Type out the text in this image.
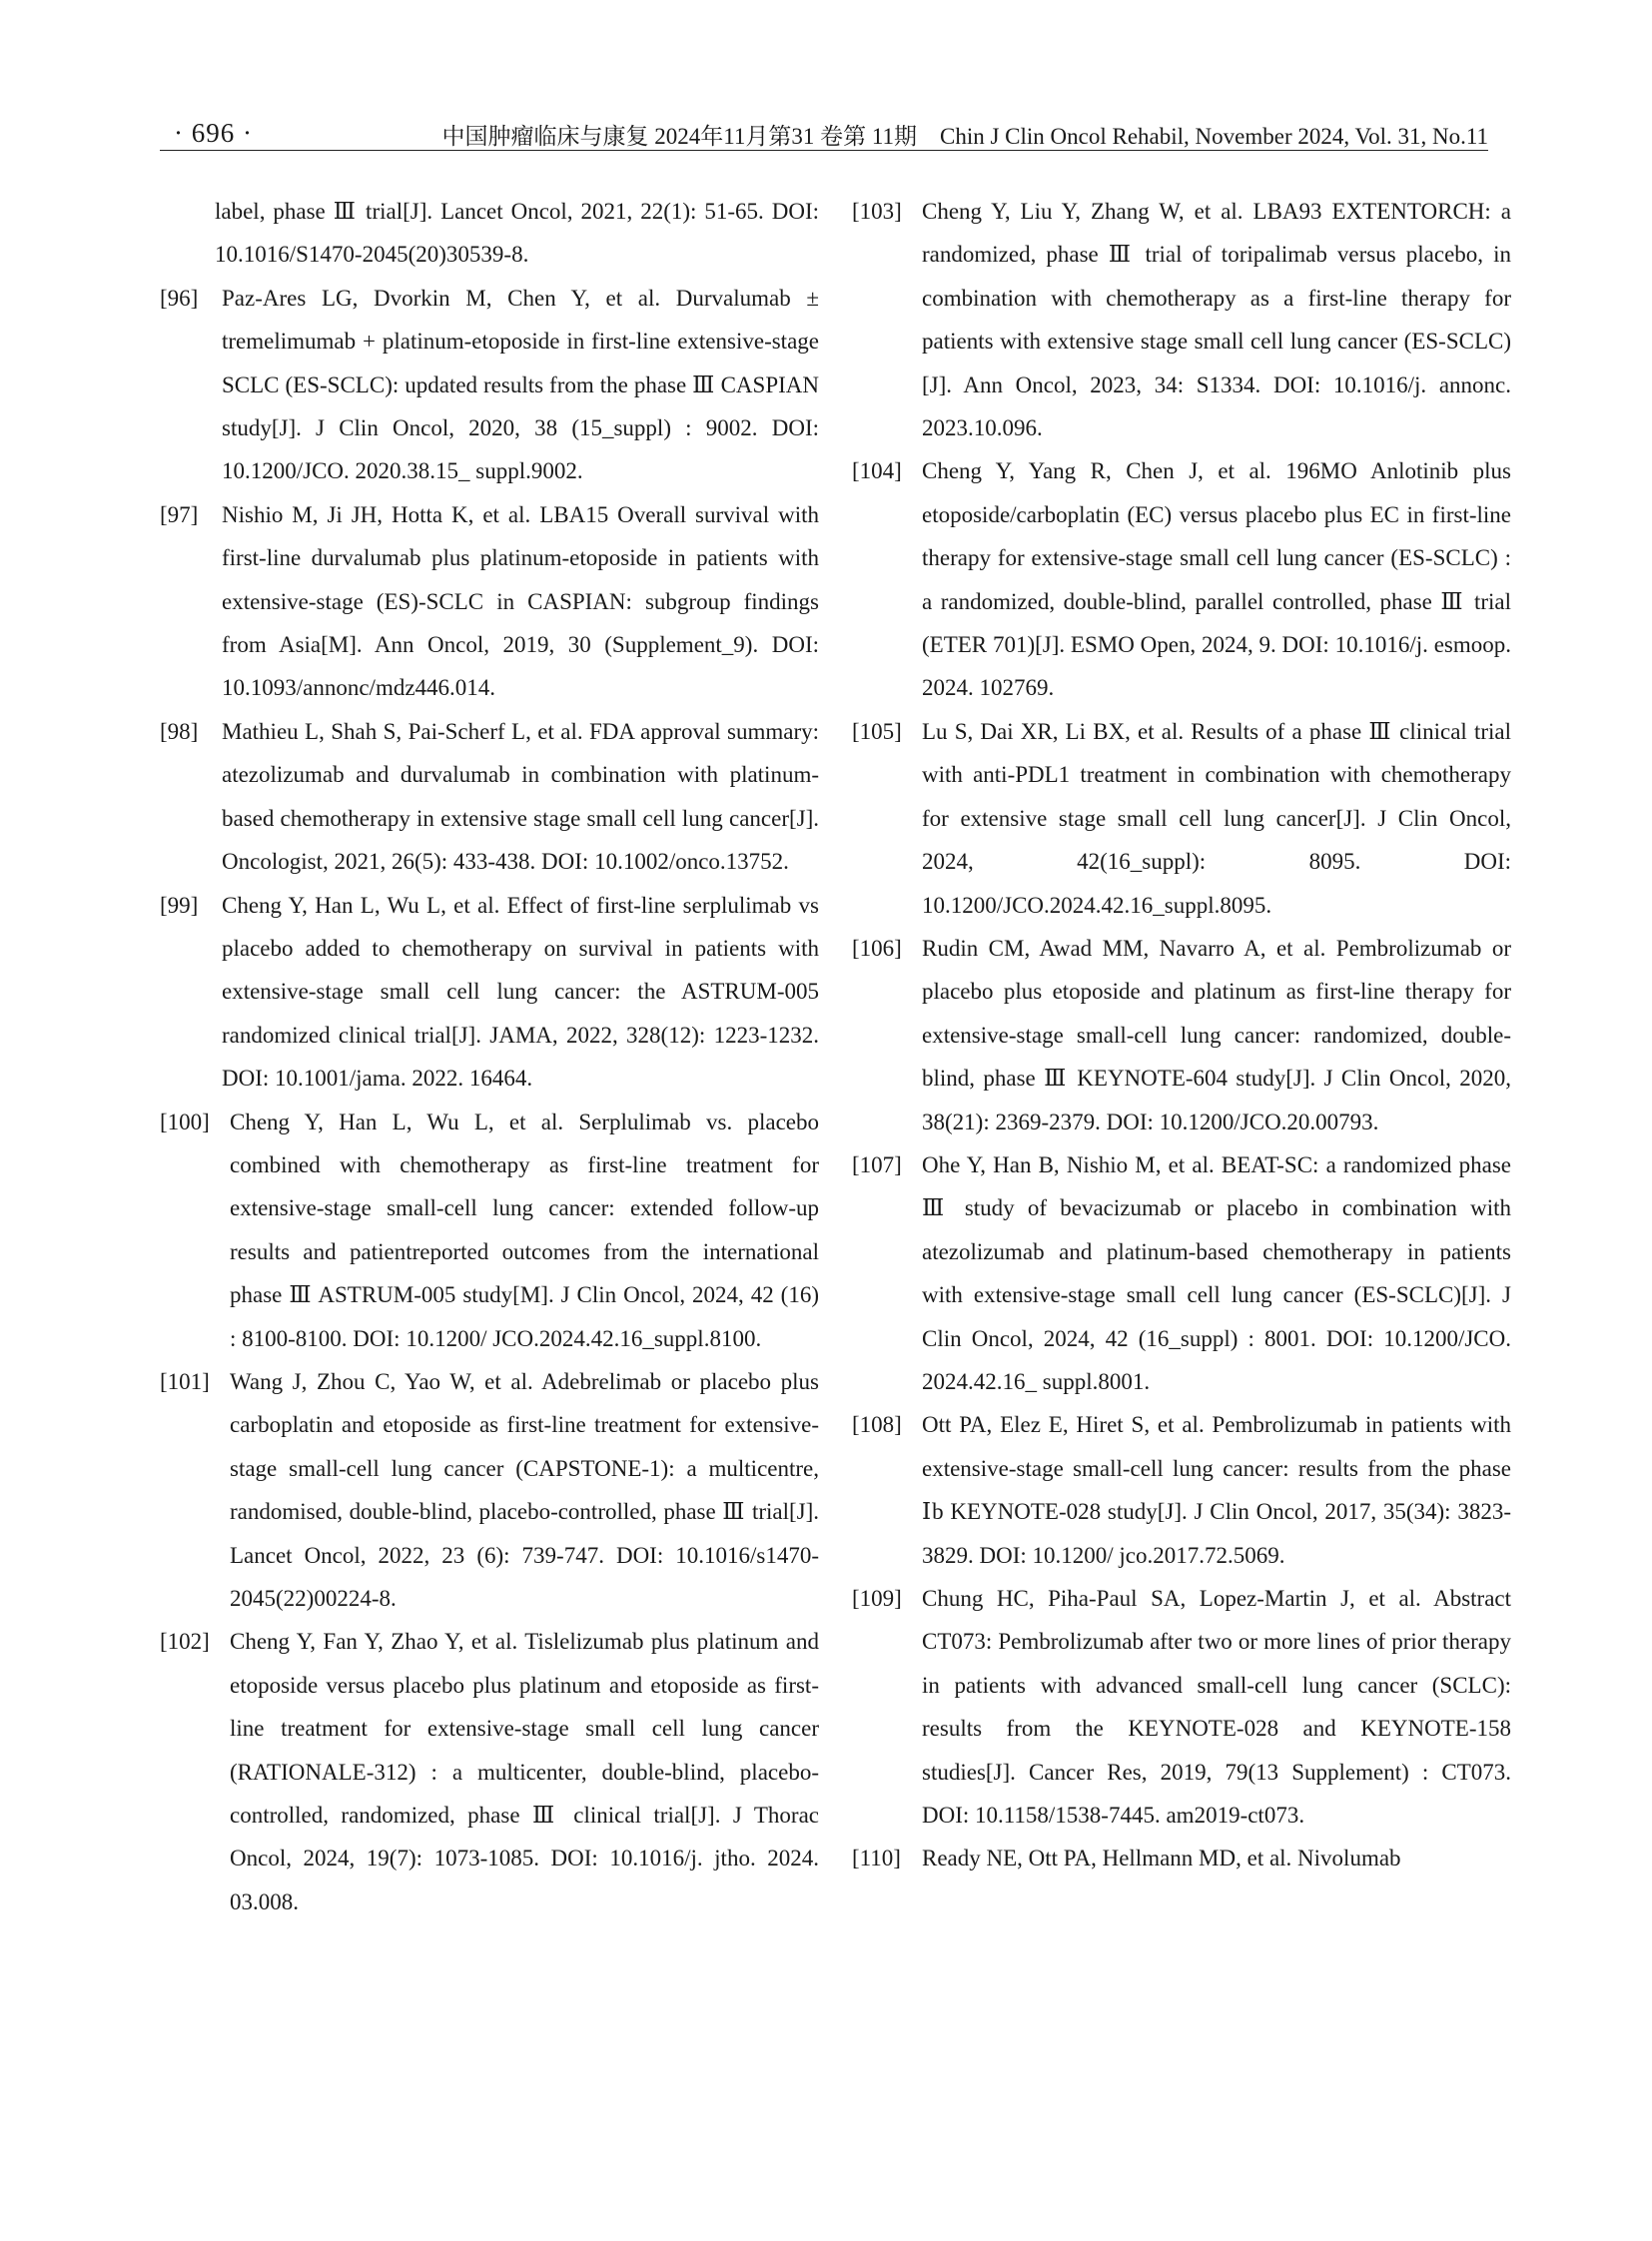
· 696 ·	中国肿瘤临床与康复 2024年11月第31 卷第 11期　Chin J Clin Oncol Rehabil, November 2024, Vol. 31, No.11
label, phase Ⅲ trial[J]. Lancet Oncol, 2021, 22(1): 51-65. DOI: 10.1016/S1470-2045(20)30539-8.
[96] Paz-Ares LG, Dvorkin M, Chen Y, et al. Durvalumab ± tremelimumab + platinum-etoposide in first-line extensive-stage SCLC (ES-SCLC): updated results from the phase Ⅲ CASPIAN study[J]. J Clin Oncol, 2020, 38 (15_suppl) : 9002. DOI: 10.1200/JCO. 2020.38.15_ suppl.9002.
[97] Nishio M, Ji JH, Hotta K, et al. LBA15 Overall survival with first-line durvalumab plus platinum-etoposide in patients with extensive-stage (ES)-SCLC in CASPIAN: subgroup findings from Asia[M]. Ann Oncol, 2019, 30 (Supplement_9). DOI: 10.1093/annonc/mdz446.014.
[98] Mathieu L, Shah S, Pai-Scherf L, et al. FDA approval summary: atezolizumab and durvalumab in combination with platinum-based chemotherapy in extensive stage small cell lung cancer[J]. Oncologist, 2021, 26(5): 433-438. DOI: 10.1002/onco.13752.
[99] Cheng Y, Han L, Wu L, et al. Effect of first-line serplulimab vs placebo added to chemotherapy on survival in patients with extensive-stage small cell lung cancer: the ASTRUM-005 randomized clinical trial[J]. JAMA, 2022, 328(12): 1223-1232. DOI: 10.1001/jama. 2022. 16464.
[100] Cheng Y, Han L, Wu L, et al. Serplulimab vs. placebo combined with chemotherapy as first-line treatment for extensive-stage small-cell lung cancer: extended follow-up results and patientreported outcomes from the international phase Ⅲ ASTRUM-005 study[M]. J Clin Oncol, 2024, 42 (16) : 8100-8100. DOI: 10.1200/ JCO.2024.42.16_suppl.8100.
[101] Wang J, Zhou C, Yao W, et al. Adebrelimab or placebo plus carboplatin and etoposide as first-line treatment for extensive-stage small-cell lung cancer (CAPSTONE-1): a multicentre, randomised, double-blind, placebo-controlled, phase Ⅲ trial[J]. Lancet Oncol, 2022, 23 (6): 739-747. DOI: 10.1016/s1470-2045(22)00224-8.
[102] Cheng Y, Fan Y, Zhao Y, et al. Tislelizumab plus platinum and etoposide versus placebo plus platinum and etoposide as first-line treatment for extensive-stage small cell lung cancer (RATIONALE-312) : a multicenter, double-blind, placebo-controlled, randomized, phase Ⅲ clinical trial[J]. J Thorac Oncol, 2024, 19(7): 1073-1085. DOI: 10.1016/j. jtho. 2024. 03.008.
[103] Cheng Y, Liu Y, Zhang W, et al. LBA93 EXTENTORCH: a randomized, phase Ⅲ trial of toripalimab versus placebo, in combination with chemotherapy as a first-line therapy for patients with extensive stage small cell lung cancer (ES-SCLC)[J]. Ann Oncol, 2023, 34: S1334. DOI: 10.1016/j. annonc. 2023.10.096.
[104] Cheng Y, Yang R, Chen J, et al. 196MO Anlotinib plus etoposide/carboplatin (EC) versus placebo plus EC in first-line therapy for extensive-stage small cell lung cancer (ES-SCLC) : a randomized, double-blind, parallel controlled, phase Ⅲ trial (ETER 701)[J]. ESMO Open, 2024, 9. DOI: 10.1016/j. esmoop. 2024. 102769.
[105] Lu S, Dai XR, Li BX, et al. Results of a phase Ⅲ clinical trial with anti-PDL1 treatment in combination with chemotherapy for extensive stage small cell lung cancer[J]. J Clin Oncol, 2024, 42(16_suppl): 8095. DOI: 10.1200/JCO.2024.42.16_suppl.8095.
[106] Rudin CM, Awad MM, Navarro A, et al. Pembrolizumab or placebo plus etoposide and platinum as first-line therapy for extensive-stage small-cell lung cancer: randomized, double-blind, phase Ⅲ KEYNOTE-604 study[J]. J Clin Oncol, 2020, 38(21): 2369-2379. DOI: 10.1200/JCO.20.00793.
[107] Ohe Y, Han B, Nishio M, et al. BEAT-SC: a randomized phase Ⅲ study of bevacizumab or placebo in combination with atezolizumab and platinum-based chemotherapy in patients with extensive-stage small cell lung cancer (ES-SCLC)[J]. J Clin Oncol, 2024, 42 (16_suppl) : 8001. DOI: 10.1200/JCO. 2024.42.16_ suppl.8001.
[108] Ott PA, Elez E, Hiret S, et al. Pembrolizumab in patients with extensive-stage small-cell lung cancer: results from the phase Ⅰb KEYNOTE-028 study[J]. J Clin Oncol, 2017, 35(34): 3823-3829. DOI: 10.1200/ jco.2017.72.5069.
[109] Chung HC, Piha-Paul SA, Lopez-Martin J, et al. Abstract CT073: Pembrolizumab after two or more lines of prior therapy in patients with advanced small-cell lung cancer (SCLC): results from the KEYNOTE-028 and KEYNOTE-158 studies[J]. Cancer Res, 2019, 79(13 Supplement) : CT073. DOI: 10.1158/1538-7445. am2019-ct073.
[110] Ready NE, Ott PA, Hellmann MD, et al. Nivolumab
